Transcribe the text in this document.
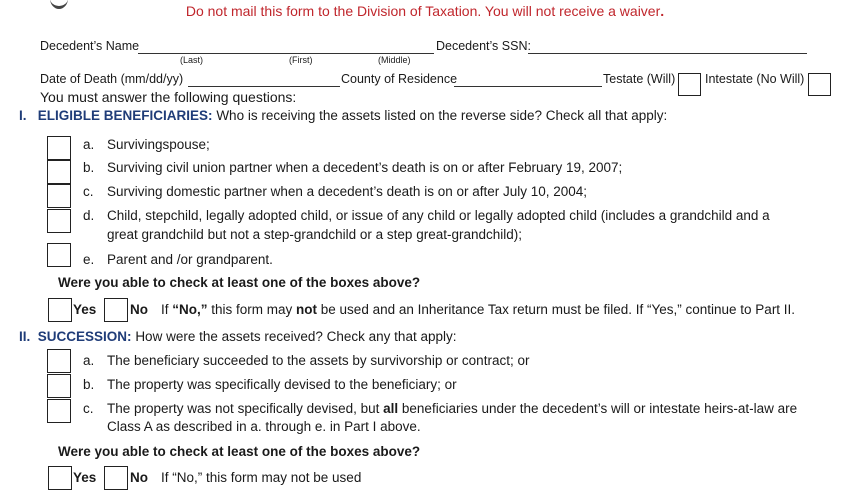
Do not mail this form to the Division of Taxation. You will not receive a waiver.
Decedent’s Name	Decedent’s SSN:
(Last)	(First)	(Middle)
Date of Death (mm/dd/yy)	County of Residence	Testate (Will) Intestate (No Will)
You must answer the following questions:
I. ELIGIBLE BENEFICIARIES: Who is receiving the assets listed on the reverse side? Check all that apply:
a. Survivingspouse;
b. Surviving civil union partner when a decedent’s death is on or after February 19, 2007;
c. Surviving domestic partner when a decedent’s death is on or after July 10, 2004;
d. Child, stepchild, legally adopted child, or issue of any child or legally adopted child (includes a grandchild and a
great grandchild but not a step-grandchild or a step great-grandchild);
e. Parent and /or grandparent.
Were you able to check at least one of the boxes above?
Yes No If “No,” this form may not be used and an Inheritance Tax return must be filed. If “Yes,” continue to Part II.
II. SUCCESSION: How were the assets received? Check any that apply:
a. The beneficiary succeeded to the assets by survivorship or contract; or
b. The property was specifically devised to the beneficiary; or
c. The property was not specifically devised, but all beneficiaries under the decedent’s will or intestate heirs-at-law are
Class A as described in a. through e. in Part I above.
Were you able to check at least one of the boxes above?
Yes No If “No,” this form may not be used
